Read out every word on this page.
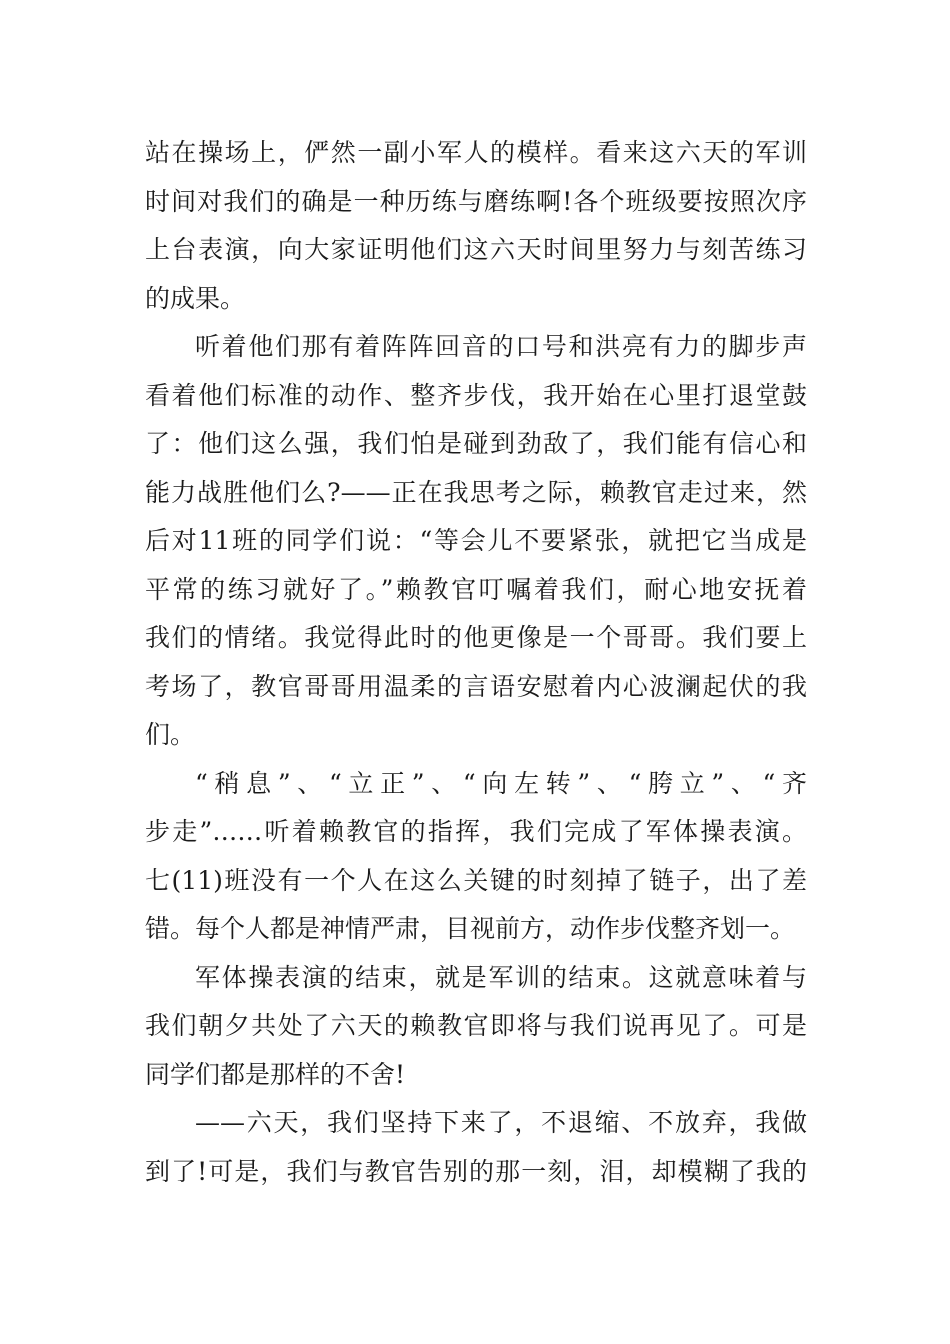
站在操场上，俨然一副小军人的模样。看来这六天的军训
时间对我们的确是一种历练与磨练啊!各个班级要按照次序
上台表演，向大家证明他们这六天时间里努力与刻苦练习
的成果。
听着他们那有着阵阵回音的口号和洪亮有力的脚步声
看着他们标准的动作、整齐步伐，我开始在心里打退堂鼓
了：他们这么强，我们怕是碰到劲敌了，我们能有信心和
能力战胜他们么?——正在我思考之际，赖教官走过来，然
后对11班的同学们说：“等会儿不要紧张，就把它当成是
平常的练习就好了。”赖教官叮嘱着我们，耐心地安抚着
我们的情绪。我觉得此时的他更像是一个哥哥。我们要上
考场了，教官哥哥用温柔的言语安慰着内心波澜起伏的我
们。
“稍息”、“立正”、“向左转”、“胯立”、“齐
步走”……听着赖教官的指挥，我们完成了军体操表演。
七(11)班没有一个人在这么关键的时刻掉了链子，出了差
错。每个人都是神情严肃，目视前方，动作步伐整齐划一。
军体操表演的结束，就是军训的结束。这就意味着与
我们朝夕共处了六天的赖教官即将与我们说再见了。可是
同学们都是那样的不舍!
——六天，我们坚持下来了，不退缩、不放弃，我做
到了!可是，我们与教官告别的那一刻，泪，却模糊了我的
